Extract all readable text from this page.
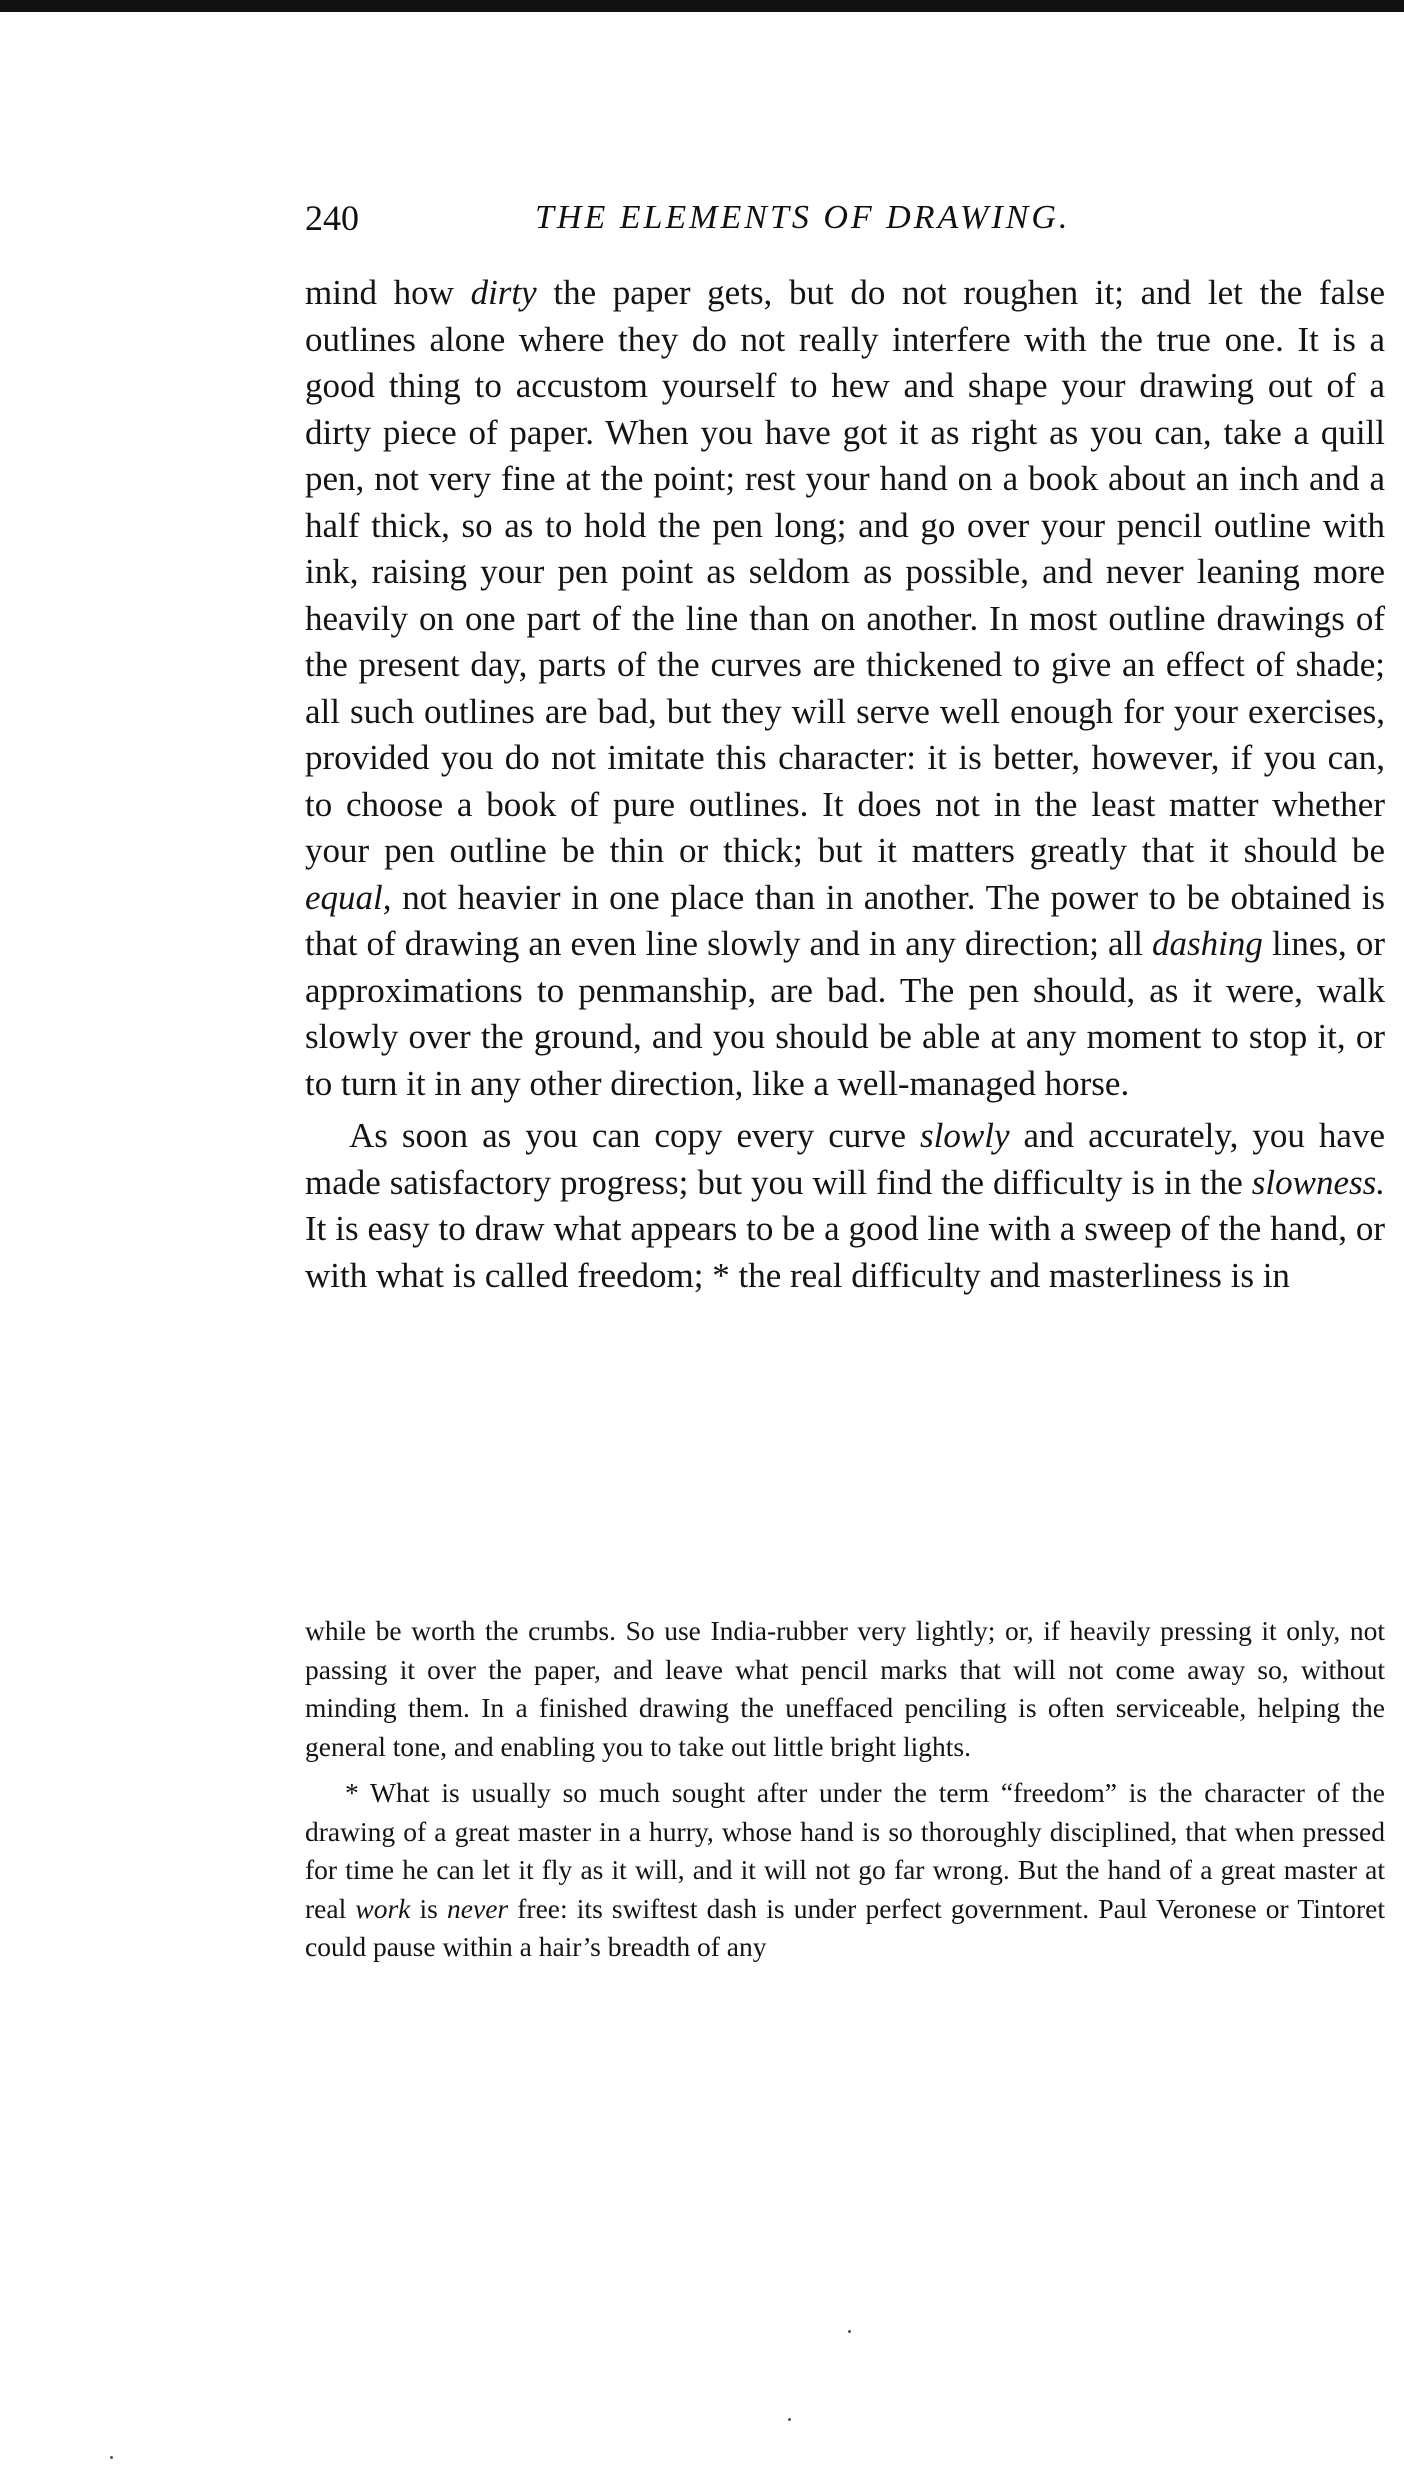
240	THE ELEMENTS OF DRAWING.

mind how dirty the paper gets, but do not roughen it; and let the false outlines alone where they do not really interfere with the true one. It is a good thing to accustom yourself to hew and shape your drawing out of a dirty piece of paper. When you have got it as right as you can, take a quill pen, not very fine at the point; rest your hand on a book about an inch and a half thick, so as to hold the pen long; and go over your pencil outline with ink, raising your pen point as seldom as possible, and never leaning more heavily on one part of the line than on another. In most outline drawings of the present day, parts of the curves are thickened to give an effect of shade; all such outlines are bad, but they will serve well enough for your exercises, provided you do not imitate this character: it is better, however, if you can, to choose a book of pure outlines. It does not in the least matter whether your pen outline be thin or thick; but it matters greatly that it should be equal, not heavier in one place than in another. The power to be obtained is that of drawing an even line slowly and in any direction; all dashing lines, or approximations to penmanship, are bad. The pen should, as it were, walk slowly over the ground, and you should be able at any moment to stop it, or to turn it in any other direction, like a well-managed horse.

As soon as you can copy every curve slowly and accurately, you have made satisfactory progress; but you will find the difficulty is in the slowness. It is easy to draw what appears to be a good line with a sweep of the hand, or with what is called freedom; * the real difficulty and masterliness is in

while be worth the crumbs. So use India-rubber very lightly; or, if heavily pressing it only, not passing it over the paper, and leave what pencil marks that will not come away so, without minding them. In a finished drawing the uneffaced penciling is often serviceable, helping the general tone, and enabling you to take out little bright lights.

* What is usually so much sought after under the term “freedom” is the character of the drawing of a great master in a hurry, whose hand is so thoroughly disciplined, that when pressed for time he can let it fly as it will, and it will not go far wrong. But the hand of a great master at real work is never free: its swiftest dash is under perfect government. Paul Veronese or Tintoret could pause within a hair’s breadth of any
